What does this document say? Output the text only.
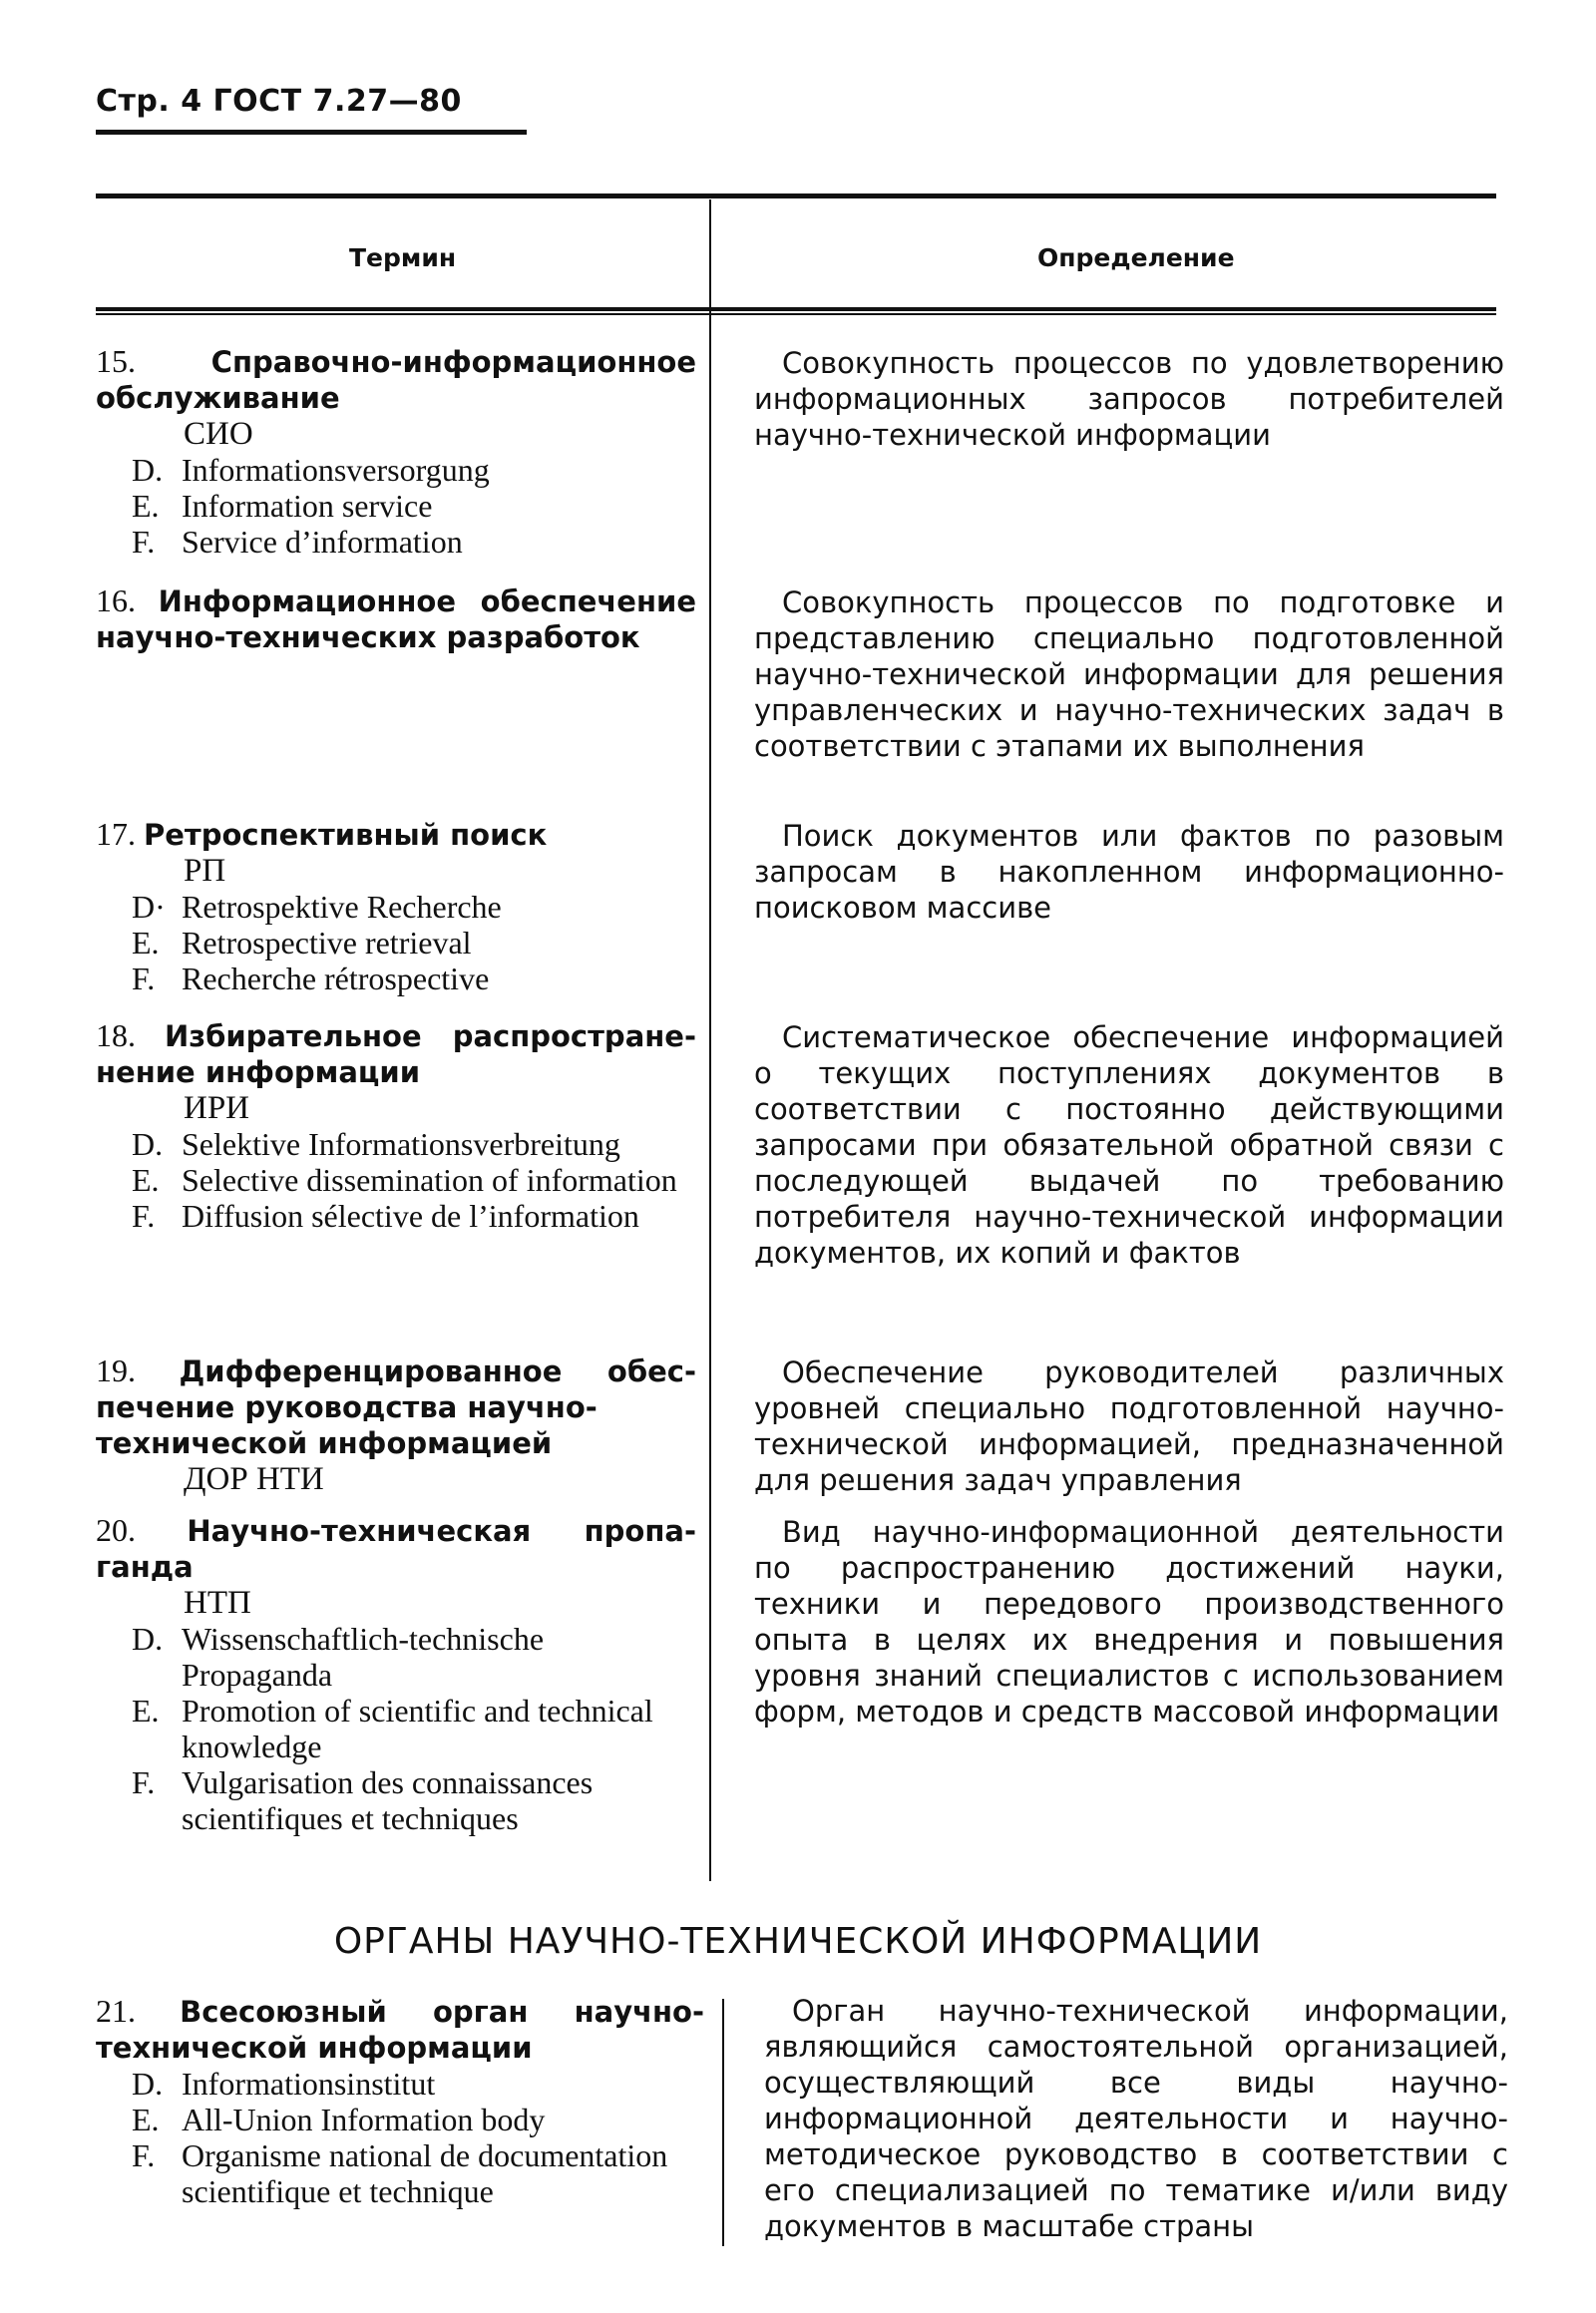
Стр. 4 ГОСТ 7.27—80
Термин	Определение
15.	Справочно-информационное
обслуживание
СИО
D. Informationsversorgung
E. Information service
F. Service d’information
Совокупность процессов по удовлетворению информационных запросов потребителей научно-технической информации
16. Информационное обеспечение
научно-технических разработок
Совокупность процессов по подготовке и представлению специально подготовленной научно-технической информации для решения управленческих и научно-технических задач в соответствии с этапами их выполнения
17. Ретроспективный поиск
РП
D· Retrospektive Recherche
E. Retrospective retrieval
F. Recherche rétrospective
Поиск документов или фактов по разовым запросам в накопленном информационно-поисковом массиве
18. Избирательное распростране-
нение информации
ИРИ
D. Selektive Informationsverbreitung
E. Selective dissemination of information
F. Diffusion sélective de l’information
Систематическое обеспечение информацией о текущих поступлениях документов в соответствии с постоянно действующими запросами при обязательной обратной связи с последующей выдачей по требованию потребителя научно-технической информации документов, их копий и фактов
19. Дифференцированное обес-
печение руководства научно-технической информацией
ДОР НТИ
Обеспечение руководителей различных уровней специально подготовленной научно-технической информацией, предназначенной для решения задач управления
20. Научно-техническая пропа-
ганда
НТП
D. Wissenschaftlich-technische Propaganda
E. Promotion of scientific and technical knowledge
F. Vulgarisation des connaissances scientifiques et techniques
Вид научно-информационной деятельности по распространению достижений науки, техники и передового производственного опыта в целях их внедрения и повышения уровня знаний специалистов с использованием форм, методов и средств массовой информации
ОРГАНЫ НАУЧНО-ТЕХНИЧЕСКОЙ ИНФОРМАЦИИ
21. Всесоюзный орган научно-
технической информации
D. Informationsinstitut
E. All-Union Information body
F. Organisme national de documentation scientifique et technique
Орган научно-технической информации, являющийся самостоятельной организацией, осуществляющий все виды научно-информационной деятельности и научно-методическое руководство в соответствии с его специализацией по тематике и/или виду документов в масштабе страны
